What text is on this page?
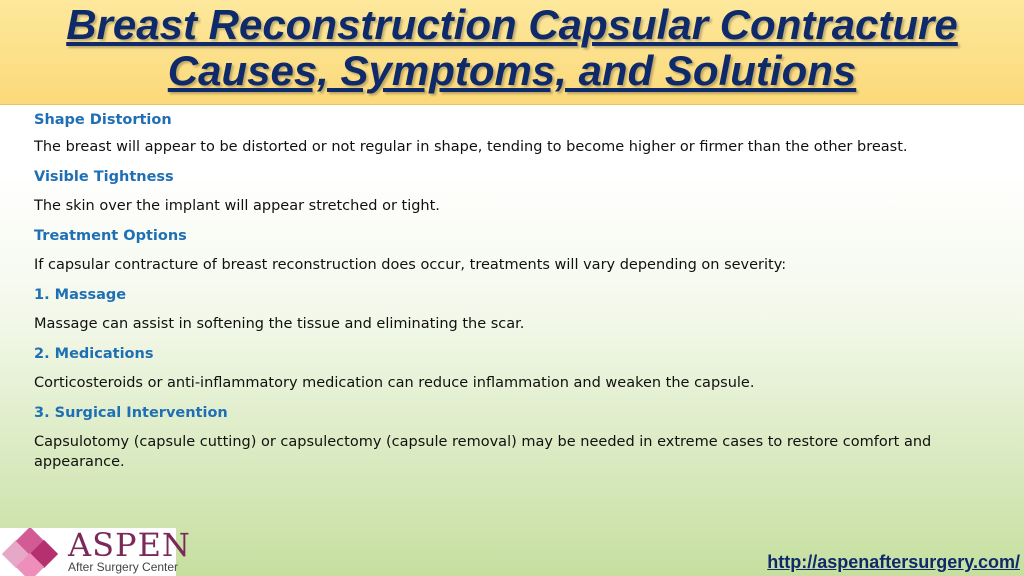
Breast Reconstruction Capsular Contracture
Causes, Symptoms, and Solutions

Shape Distortion

The breast will appear to be distorted or not regular in shape, tending to become higher or firmer than the other breast.

Visible Tightness

The skin over the implant will appear stretched or tight.

Treatment Options

If capsular contracture of breast reconstruction does occur, treatments will vary depending on severity:

1. Massage

Massage can assist in softening the tissue and eliminating the scar.

2. Medications

Corticosteroids or anti-inflammatory medication can reduce inflammation and weaken the capsule.

3. Surgical Intervention

Capsulotomy (capsule cutting) or capsulectomy (capsule removal) may be needed in extreme cases to restore comfort and appearance.

ASPEN
After Surgery Center	http://aspenaftersurgery.com/
